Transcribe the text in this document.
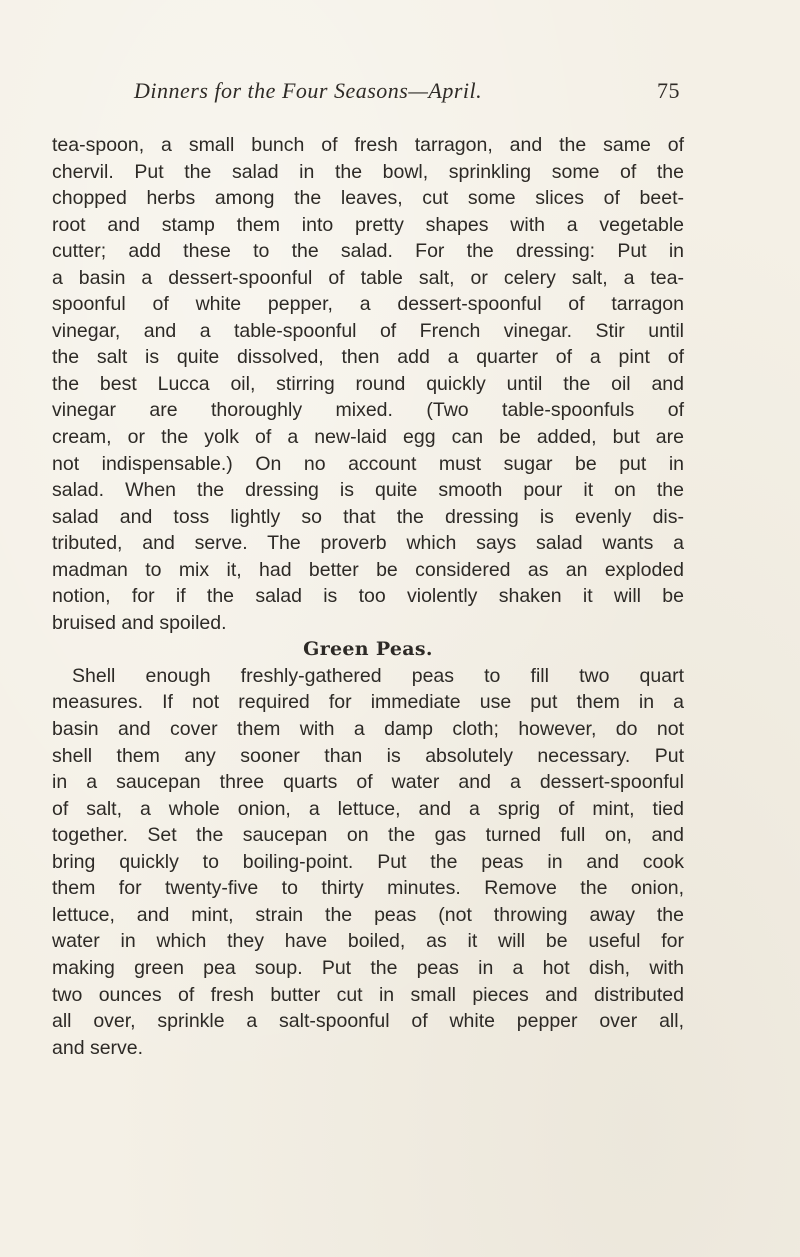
Dinners for the Four Seasons—April.	75
tea-spoon, a small bunch of fresh tarragon, and the same of
chervil. Put the salad in the bowl, sprinkling some of the
chopped herbs among the leaves, cut some slices of beet-
root and stamp them into pretty shapes with a vegetable
cutter; add these to the salad. For the dressing: Put in
a basin a dessert-spoonful of table salt, or celery salt, a tea-
spoonful of white pepper, a dessert-spoonful of tarragon
vinegar, and a table-spoonful of French vinegar. Stir until
the salt is quite dissolved, then add a quarter of a pint of
the best Lucca oil, stirring round quickly until the oil and
vinegar are thoroughly mixed. (Two table-spoonfuls of
cream, or the yolk of a new-laid egg can be added, but are
not indispensable.) On no account must sugar be put in
salad. When the dressing is quite smooth pour it on the
salad and toss lightly so that the dressing is evenly dis-
tributed, and serve. The proverb which says salad wants a
madman to mix it, had better be considered as an exploded
notion, for if the salad is too violently shaken it will be
bruised and spoiled.
Green Peas.
Shell enough freshly-gathered peas to fill two quart
measures. If not required for immediate use put them in a
basin and cover them with a damp cloth; however, do not
shell them any sooner than is absolutely necessary. Put
in a saucepan three quarts of water and a dessert-spoonful
of salt, a whole onion, a lettuce, and a sprig of mint, tied
together. Set the saucepan on the gas turned full on, and
bring quickly to boiling-point. Put the peas in and cook
them for twenty-five to thirty minutes. Remove the onion,
lettuce, and mint, strain the peas (not throwing away the
water in which they have boiled, as it will be useful for
making green pea soup. Put the peas in a hot dish, with
two ounces of fresh butter cut in small pieces and distributed
all over, sprinkle a salt-spoonful of white pepper over all,
and serve.
